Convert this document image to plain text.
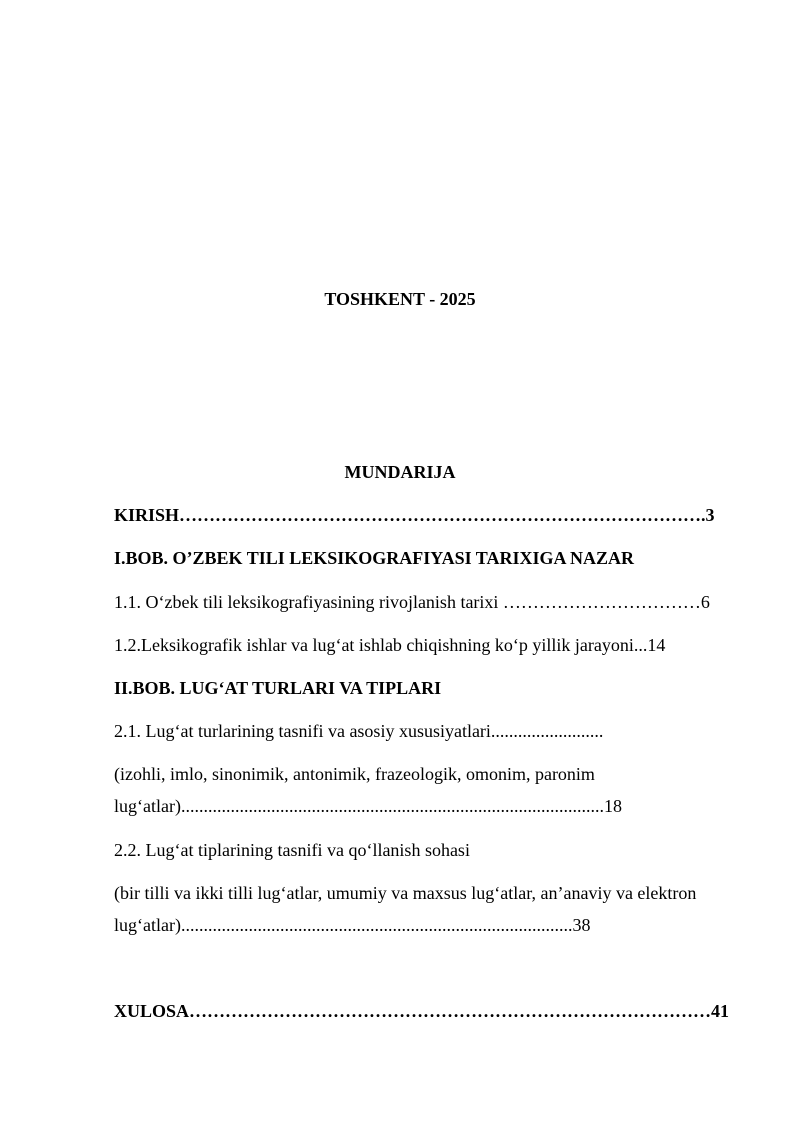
TOSHKENT - 2025

MUNDARIJA

KIRISH…………………………………………………………………………….3

I.BOB. O’ZBEK TILI LEKSIKOGRAFIYASI TARIXIGA NAZAR

1.1. O‘zbek tili leksikografiyasining rivojlanish tarixi ……………………………6

1.2.Leksikografik ishlar va lug‘at ishlab chiqishning ko‘p yillik jarayoni...14

II.BOB. LUG‘AT TURLARI VA TIPLARI

2.1. Lug‘at turlarining tasnifi va asosiy xususiyatlari.........................

(izohli, imlo, sinonimik, antonimik, frazeologik, omonim, paronim

lug‘atlar)..............................................................................................18

2.2. Lug‘at tiplarining tasnifi va qo‘llanish sohasi

(bir tilli va ikki tilli lug‘atlar, umumiy va maxsus lug‘atlar, an’anaviy va elektron

lug‘atlar).......................................................................................38

XULOSA……………………………………………………………………………41
